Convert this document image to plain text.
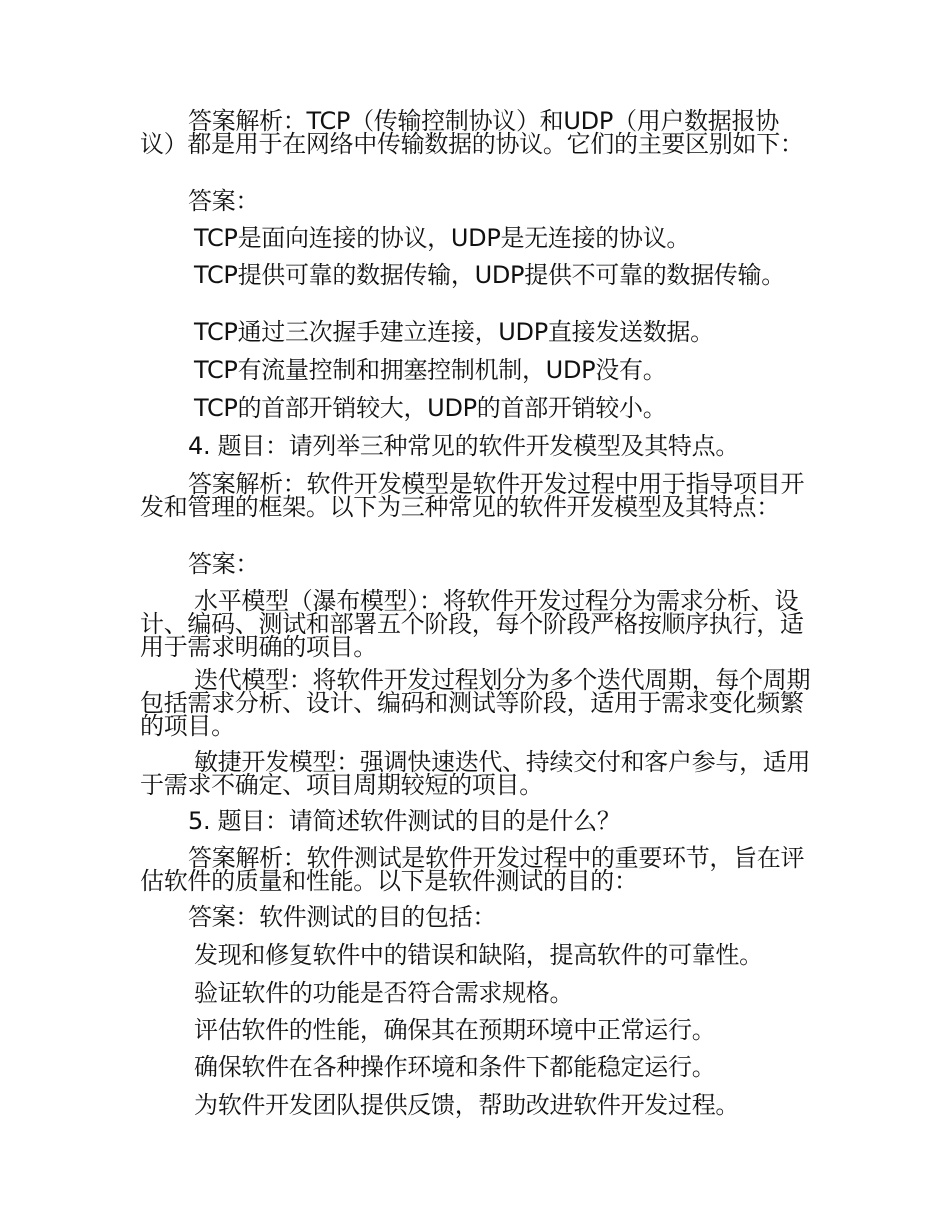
答案解析：TCP（传输控制协议）和UDP（用户数据报协议）都是用于在网络中传输数据的协议。它们的主要区别如下：
答案：
TCP是面向连接的协议，UDP是无连接的协议。
TCP提供可靠的数据传输，UDP提供不可靠的数据传输。
TCP通过三次握手建立连接，UDP直接发送数据。
TCP有流量控制和拥塞控制机制，UDP没有。
TCP的首部开销较大，UDP的首部开销较小。
4. 题目：请列举三种常见的软件开发模型及其特点。
答案解析：软件开发模型是软件开发过程中用于指导项目开发和管理的框架。以下为三种常见的软件开发模型及其特点：
答案：
水平模型（瀑布模型）：将软件开发过程分为需求分析、设计、编码、测试和部署五个阶段，每个阶段严格按顺序执行，适用于需求明确的项目。
迭代模型：将软件开发过程划分为多个迭代周期，每个周期包括需求分析、设计、编码和测试等阶段，适用于需求变化频繁的项目。
敏捷开发模型：强调快速迭代、持续交付和客户参与，适用于需求不确定、项目周期较短的项目。
5. 题目：请简述软件测试的目的是什么？
答案解析：软件测试是软件开发过程中的重要环节，旨在评估软件的质量和性能。以下是软件测试的目的：
答案：软件测试的目的包括：
发现和修复软件中的错误和缺陷，提高软件的可靠性。
验证软件的功能是否符合需求规格。
评估软件的性能，确保其在预期环境中正常运行。
确保软件在各种操作环境和条件下都能稳定运行。
为软件开发团队提供反馈，帮助改进软件开发过程。
